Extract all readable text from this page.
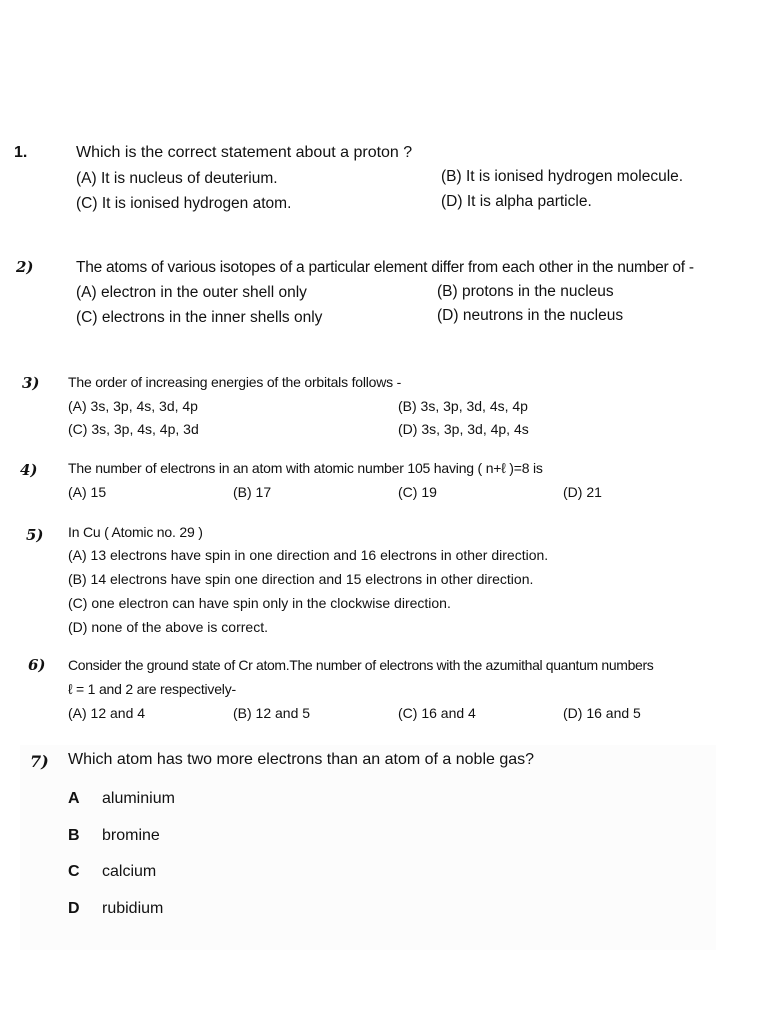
1.	Which is the correct statement about a proton ?
(A) It is nucleus of deuterium.	(B) It is ionised hydrogen molecule.
(C) It is ionised hydrogen atom.	(D) It is alpha particle.
2)	The atoms of various isotopes of a particular element differ from each other in the number of -
(A) electron in the outer shell only	(B) protons in the nucleus
(C) electrons in the inner shells only	(D) neutrons in the nucleus
3) The order of increasing energies of the orbitals follows -
(A) 3s, 3p, 4s, 3d, 4p	(B) 3s, 3p, 3d, 4s, 4p
(C) 3s, 3p, 4s, 4p, 3d	(D) 3s, 3p, 3d, 4p, 4s
4) The number of electrons in an atom with atomic number 105 having ( n+ℓ )=8 is
(A) 15	(B) 17	(C) 19	(D) 21
5) In Cu ( Atomic no. 29 )
(A) 13 electrons have spin in one direction and 16 electrons in other direction.
(B) 14 electrons have spin one direction and 15 electrons in other direction.
(C) one electron can have spin only in the clockwise direction.
(D) none of the above is correct.
6) Consider the ground state of Cr atom.The number of electrons with the azumithal quantum numbers
ℓ = 1 and 2 are respectively-
(A) 12 and 4	(B) 12 and 5	(C) 16 and 4	(D) 16 and 5
7) Which atom has two more electrons than an atom of a noble gas?
A aluminium
B bromine
C calcium
D rubidium
